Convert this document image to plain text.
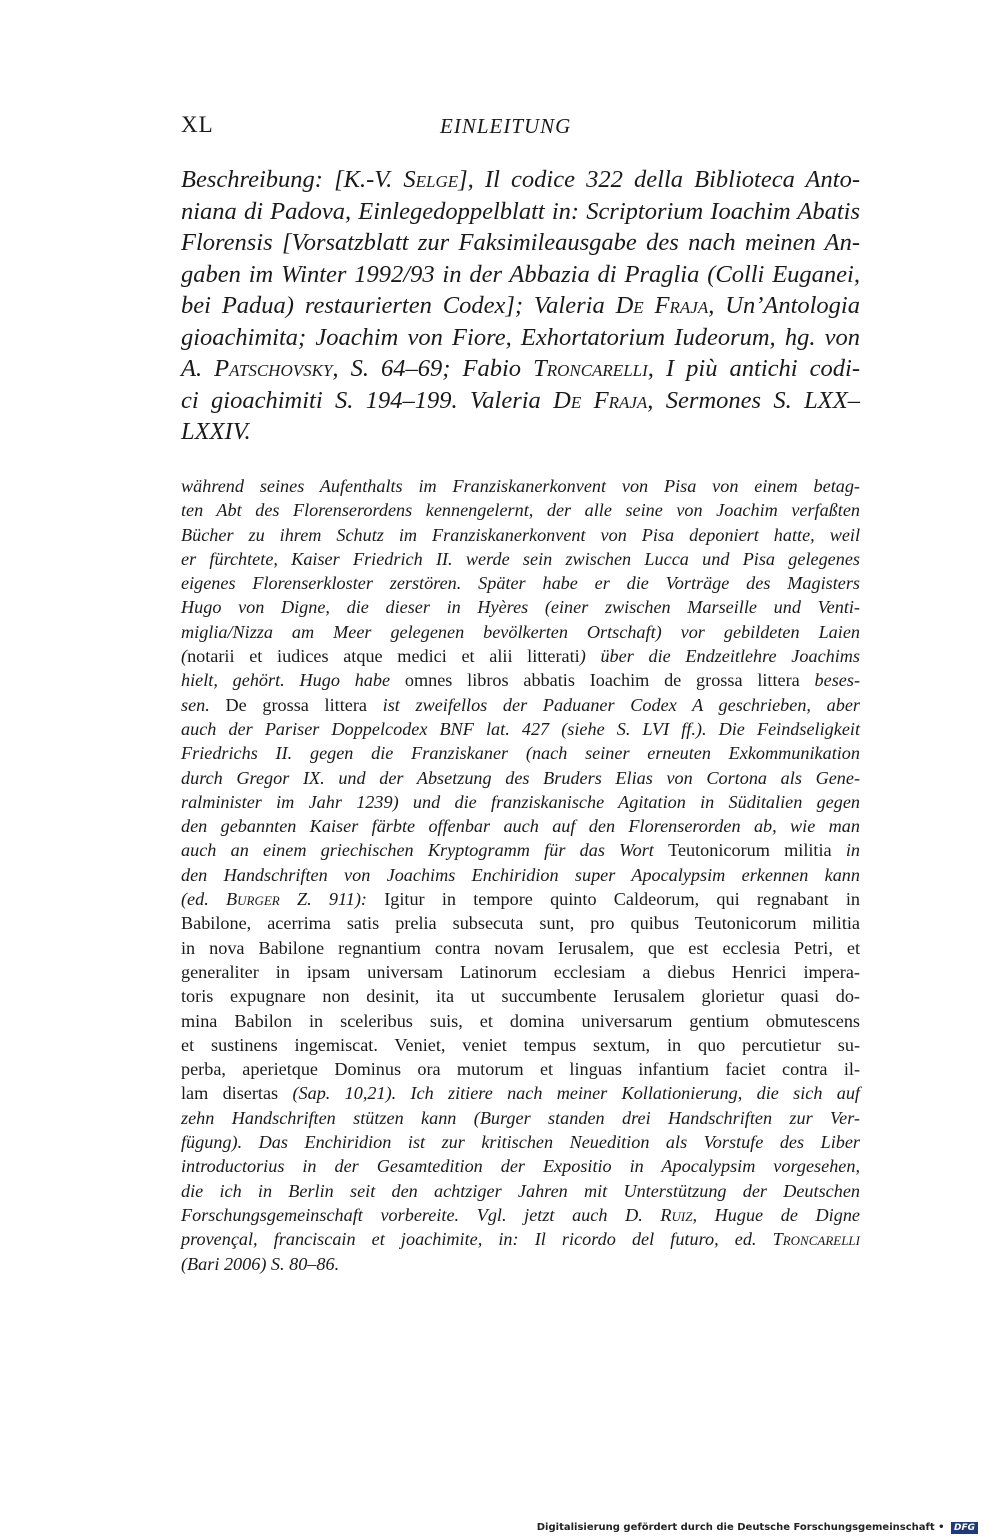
XL	EINLEITUNG
Beschreibung: [K.-V. Selge], Il codice 322 della Biblioteca Anto-
niana di Padova, Einlegedoppelblatt in: Scriptorium Ioachim Abatis
Florensis [Vorsatzblatt zur Faksimileausgabe des nach meinen An-
gaben im Winter 1992/93 in der Abbazia di Praglia (Colli Euganei,
bei Padua) restaurierten Codex]; Valeria De Fraja, Un’Antologia
gioachimita; Joachim von Fiore, Exhortatorium Iudeorum, hg. von
A. Patschovsky, S. 64–69; Fabio Troncarelli, I più antichi codi-
ci gioachimiti S. 194–199. Valeria De Fraja, Sermones S. LXX–
LXXIV.
während seines Aufenthalts im Franziskanerkonvent von Pisa von einem betag-
ten Abt des Florenserordens kennengelernt, der alle seine von Joachim verfaßten
Bücher zu ihrem Schutz im Franziskanerkonvent von Pisa deponiert hatte, weil
er fürchtete, Kaiser Friedrich II. werde sein zwischen Lucca und Pisa gelegenes
eigenes Florenserkloster zerstören. Später habe er die Vorträge des Magisters
Hugo von Digne, die dieser in Hyères (einer zwischen Marseille und Venti-
miglia/Nizza am Meer gelegenen bevölkerten Ortschaft) vor gebildeten Laien
(notarii et iudices atque medici et alii litterati) über die Endzeitlehre Joachims
hielt, gehört. Hugo habe omnes libros abbatis Ioachim de grossa littera beses-
sen. De grossa littera ist zweifellos der Paduaner Codex A geschrieben, aber
auch der Pariser Doppelcodex BNF lat. 427 (siehe S. LVI ff.). Die Feindseligkeit
Friedrichs II. gegen die Franziskaner (nach seiner erneuten Exkommunikation
durch Gregor IX. und der Absetzung des Bruders Elias von Cortona als Gene-
ralminister im Jahr 1239) und die franziskanische Agitation in Süditalien gegen
den gebannten Kaiser färbte offenbar auch auf den Florenserorden ab, wie man
auch an einem griechischen Kryptogramm für das Wort Teutonicorum militia in
den Handschriften von Joachims Enchiridion super Apocalypsim erkennen kann
(ed. Burger Z. 911): Igitur in tempore quinto Caldeorum, qui regnabant in
Babilone, acerrima satis prelia subsecuta sunt, pro quibus Teutonicorum militia
in nova Babilone regnantium contra novam Ierusalem, que est ecclesia Petri, et
generaliter in ipsam universam Latinorum ecclesiam a diebus Henrici impera-
toris expugnare non desinit, ita ut succumbente Ierusalem glorietur quasi do-
mina Babilon in sceleribus suis, et domina universarum gentium obmutescens
et sustinens ingemiscat. Veniet, veniet tempus sextum, in quo percutietur su-
perba, aperietque Dominus ora mutorum et linguas infantium faciet contra il-
lam disertas (Sap. 10,21). Ich zitiere nach meiner Kollationierung, die sich auf
zehn Handschriften stützen kann (Burger standen drei Handschriften zur Ver-
fügung). Das Enchiridion ist zur kritischen Neuedition als Vorstufe des Liber
introductorius in der Gesamtedition der Expositio in Apocalypsim vorgesehen,
die ich in Berlin seit den achtziger Jahren mit Unterstützung der Deutschen
Forschungsgemeinschaft vorbereite. Vgl. jetzt auch D. Ruiz, Hugue de Digne
provençal, franciscain et joachimite, in: Il ricordo del futuro, ed. Troncarelli
(Bari 2006) S. 80–86.
Digitalisierung gefördert durch die Deutsche Forschungsgemeinschaft • DFG
